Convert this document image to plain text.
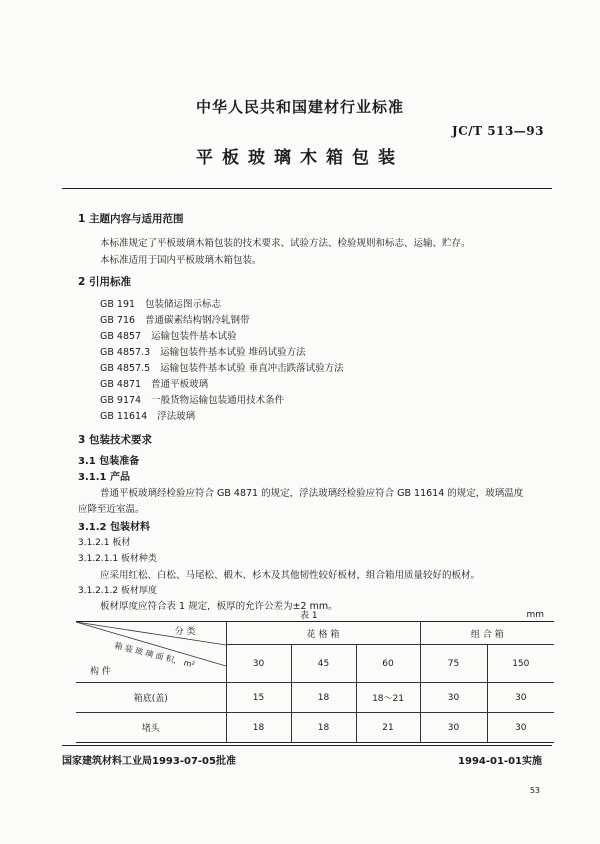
中华人民共和国建材行业标准
JC/T 513—93
平板玻璃木箱包装
1 主题内容与适用范围
本标准规定了平板玻璃木箱包装的技术要求、试验方法、检验规则和标志、运输、贮存。
本标准适用于国内平板玻璃木箱包装。
2 引用标准
GB 191 包装储运图示标志
GB 716 普通碳素结构钢冷轧钢带
GB 4857 运输包装件基本试验
GB 4857.3 运输包装件基本试验 堆码试验方法
GB 4857.5 运输包装件基本试验 垂直冲击跌落试验方法
GB 4871 普通平板玻璃
GB 9174 一般货物运输包装通用技术条件
GB 11614 浮法玻璃
3 包装技术要求
3.1 包装准备
3.1.1 产品
普通平板玻璃经检验应符合 GB 4871 的规定，浮法玻璃经检验应符合 GB 11614 的规定，玻璃温度
应降至近室温。
3.1.2 包装材料
3.1.2.1 板材
3.1.2.1.1 板材种类
应采用红松、白松、马尾松、椴木、杉木及其他韧性较好板材，组合箱用质量较好的板材。
3.1.2.1.2 板材厚度
板材厚度应符合表 1 规定，板厚的允许公差为±2 mm。
表 1	mm
分 类
箱 装 玻 璃 面 积， m²
构 件	花 格 箱			组 合 箱	
	30	45	60	75	150
箱底(盖)	15	18	18～21	30	30
堵头	18	18	21	30	30
国家建筑材料工业局1993-07-05批准	1994-01-01实施
53
